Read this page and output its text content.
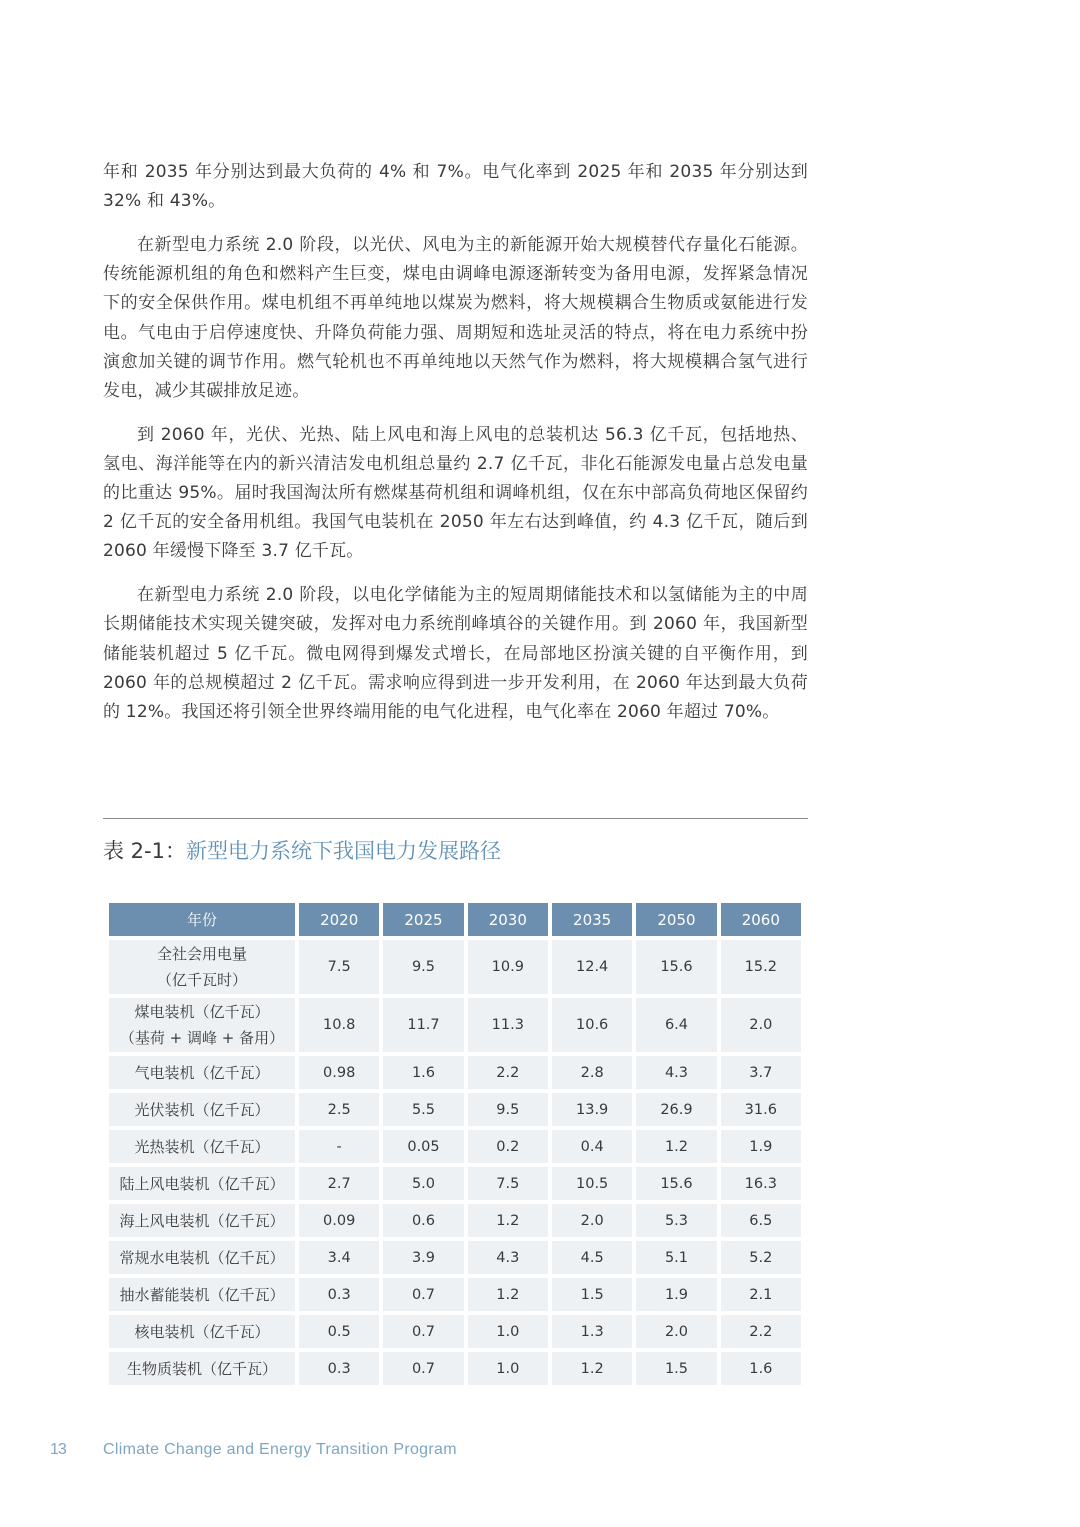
年和 2035 年分别达到最大负荷的 4% 和 7%。电气化率到 2025 年和 2035 年分别达到 32% 和 43%。

在新型电力系统 2.0 阶段，以光伏、风电为主的新能源开始大规模替代存量化石能源。传统能源机组的角色和燃料产生巨变，煤电由调峰电源逐渐转变为备用电源，发挥紧急情况下的安全保供作用。煤电机组不再单纯地以煤炭为燃料，将大规模耦合生物质或氨能进行发电。气电由于启停速度快、升降负荷能力强、周期短和选址灵活的特点，将在电力系统中扮演愈加关键的调节作用。燃气轮机也不再单纯地以天然气作为燃料，将大规模耦合氢气进行发电，减少其碳排放足迹。

到 2060 年，光伏、光热、陆上风电和海上风电的总装机达 56.3 亿千瓦，包括地热、氢电、海洋能等在内的新兴清洁发电机组总量约 2.7 亿千瓦，非化石能源发电量占总发电量的比重达 95%。届时我国淘汰所有燃煤基荷机组和调峰机组，仅在东中部高负荷地区保留约 2 亿千瓦的安全备用机组。我国气电装机在 2050 年左右达到峰值，约 4.3 亿千瓦，随后到 2060 年缓慢下降至 3.7 亿千瓦。

在新型电力系统 2.0 阶段，以电化学储能为主的短周期储能技术和以氢储能为主的中周长期储能技术实现关键突破，发挥对电力系统削峰填谷的关键作用。到 2060 年，我国新型储能装机超过 5 亿千瓦。微电网得到爆发式增长，在局部地区扮演关键的自平衡作用，到 2060 年的总规模超过 2 亿千瓦。需求响应得到进一步开发利用，在 2060 年达到最大负荷的 12%。我国还将引领全世界终端用能的电气化进程，电气化率在 2060 年超过 70%。

表 2-1：新型电力系统下我国电力发展路径
年份	2020	2025	2030	2035	2050	2060
全社会用电量
（亿千瓦时）	7.5	9.5	10.9	12.4	15.6	15.2
煤电装机（亿千瓦）
（基荷 + 调峰 + 备用）	10.8	11.7	11.3	10.6	6.4	2.0
气电装机（亿千瓦）	0.98	1.6	2.2	2.8	4.3	3.7
光伏装机（亿千瓦）	2.5	5.5	9.5	13.9	26.9	31.6
光热装机（亿千瓦）	-	0.05	0.2	0.4	1.2	1.9
陆上风电装机（亿千瓦）	2.7	5.0	7.5	10.5	15.6	16.3
海上风电装机（亿千瓦）	0.09	0.6	1.2	2.0	5.3	6.5
常规水电装机（亿千瓦）	3.4	3.9	4.3	4.5	5.1	5.2
抽水蓄能装机（亿千瓦）	0.3	0.7	1.2	1.5	1.9	2.1
核电装机（亿千瓦）	0.5	0.7	1.0	1.3	2.0	2.2
生物质装机（亿千瓦）	0.3	0.7	1.0	1.2	1.5	1.6
13 Climate Change and Energy Transition Program
